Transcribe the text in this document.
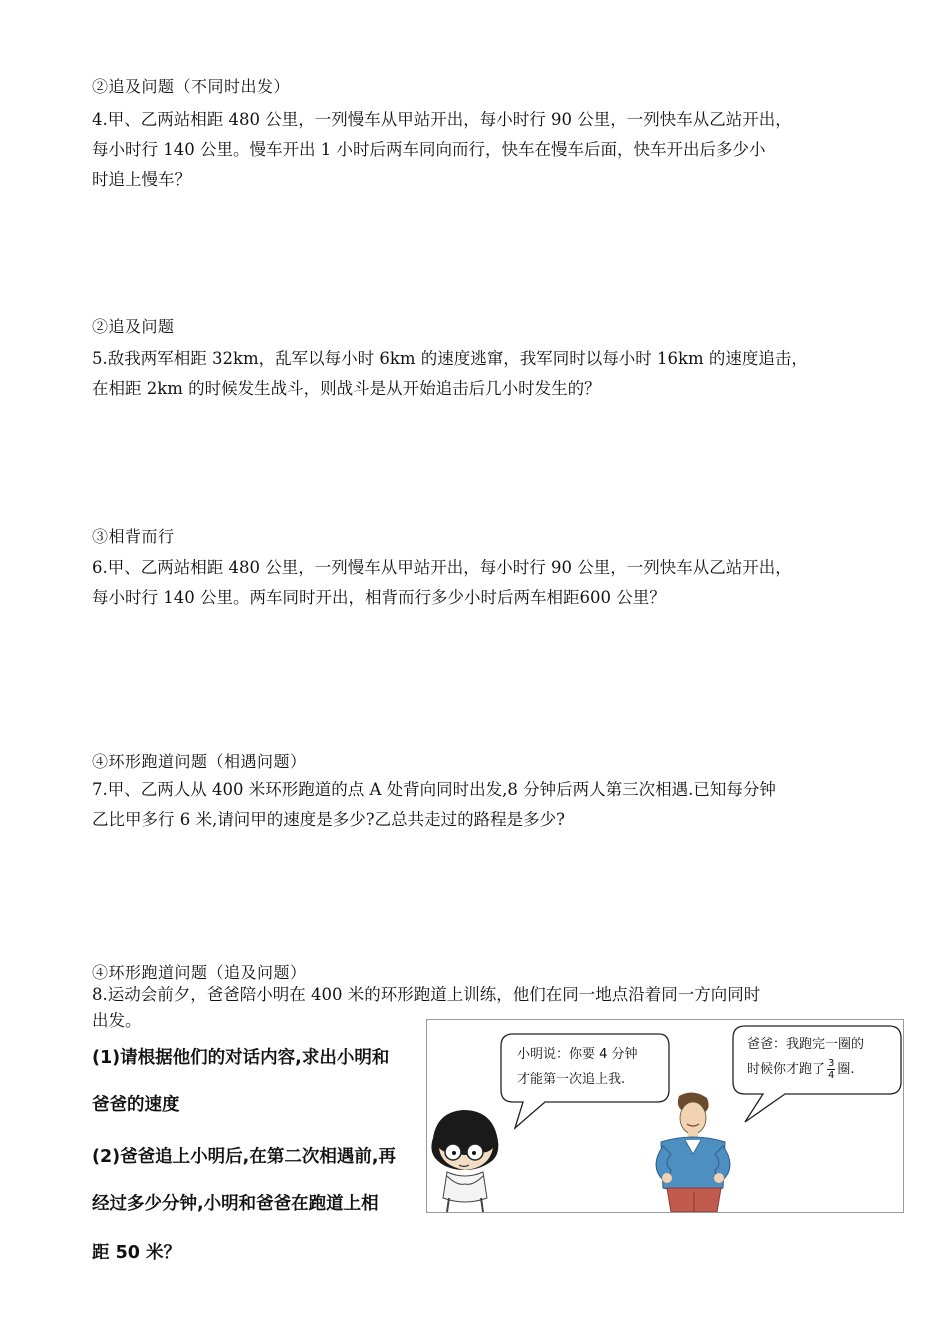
②追及问题（不同时出发）
4.甲、乙两站相距 480 公里，一列慢车从甲站开出，每小时行 90 公里，一列快车从乙站开出，
每小时行 140 公里。慢车开出 1 小时后两车同向而行，快车在慢车后面，快车开出后多少小
时追上慢车？
②追及问题
5.敌我两军相距 32km，乱军以每小时 6km 的速度逃窜，我军同时以每小时 16km 的速度追击，
在相距 2km 的时候发生战斗，则战斗是从开始追击后几小时发生的？
③相背而行
6.甲、乙两站相距 480 公里，一列慢车从甲站开出，每小时行 90 公里，一列快车从乙站开出，
每小时行 140 公里。两车同时开出，相背而行多少小时后两车相距600 公里？
④环形跑道问题（相遇问题）
7.甲、乙两人从 400 米环形跑道的点 A 处背向同时出发,8 分钟后两人第三次相遇.已知每分钟
乙比甲多行 6 米,请问甲的速度是多少?乙总共走过的路程是多少?
④环形跑道问题（追及问题）
8.运动会前夕，爸爸陪小明在 400 米的环形跑道上训练，他们在同一地点沿着同一方向同时
出发。
(1)请根据他们的对话内容,求出小明和
爸爸的速度
(2)爸爸追上小明后,在第二次相遇前,再
经过多少分钟,小明和爸爸在跑道上相
距 50 米？
小明说：你要 4 分钟
才能第一次追上我.
爸爸：我跑完一圈的
时候你才跑了 $\frac{3}{4}$ 圈.
